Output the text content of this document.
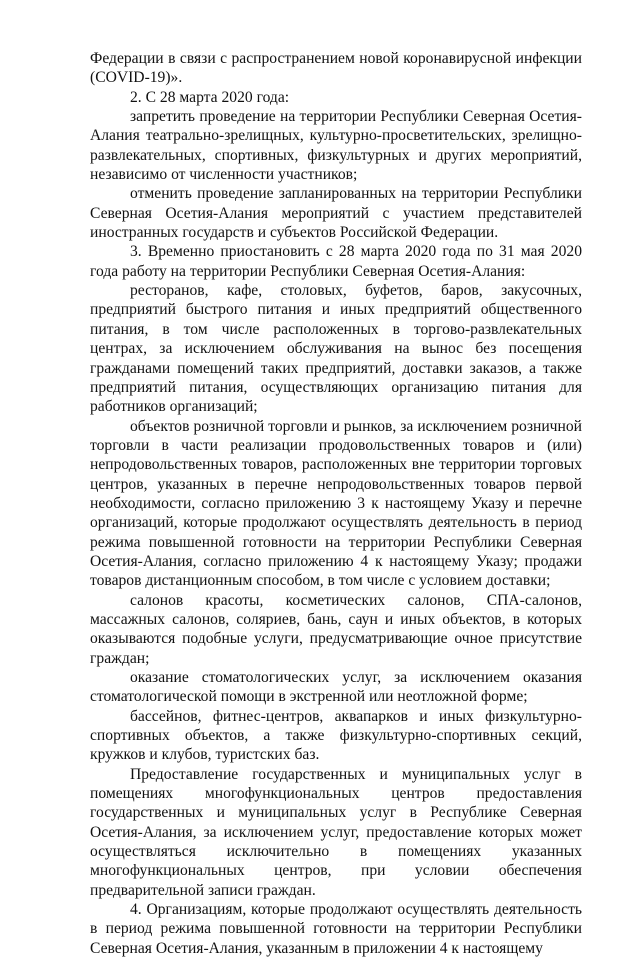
Федерации в связи с распространением новой коронавирусной инфекции (COVID-19)».

2. С 28 марта 2020 года:

запретить проведение на территории Республики Северная Осетия-Алания театрально-зрелищных, культурно-просветительских, зрелищно-развлекательных, спортивных, физкультурных и других мероприятий, независимо от численности участников;

отменить проведение запланированных на территории Республики Северная Осетия-Алания мероприятий с участием представителей иностранных государств и субъектов Российской Федерации.

3. Временно приостановить с 28 марта 2020 года по 31 мая 2020 года работу на территории Республики Северная Осетия-Алания:

ресторанов, кафе, столовых, буфетов, баров, закусочных, предприятий быстрого питания и иных предприятий общественного питания, в том числе расположенных в торгово-развлекательных центрах, за исключением обслуживания на вынос без посещения гражданами помещений таких предприятий, доставки заказов, а также предприятий питания, осуществляющих организацию питания для работников организаций;

объектов розничной торговли и рынков, за исключением розничной торговли в части реализации продовольственных товаров и (или) непродовольственных товаров, расположенных вне территории торговых центров, указанных в перечне непродовольственных товаров первой необходимости, согласно приложению 3 к настоящему Указу и перечне организаций, которые продолжают осуществлять деятельность в период режима повышенной готовности на территории Республики Северная Осетия-Алания, согласно приложению 4 к настоящему Указу; продажи товаров дистанционным способом, в том числе с условием доставки;

салонов красоты, косметических салонов, СПА-салонов, массажных салонов, соляриев, бань, саун и иных объектов, в которых оказываются подобные услуги, предусматривающие очное присутствие граждан;

оказание стоматологических услуг, за исключением оказания стоматологической помощи в экстренной или неотложной форме;

бассейнов, фитнес-центров, аквапарков и иных физкультурно-спортивных объектов, а также физкультурно-спортивных секций, кружков и клубов, туристских баз.

Предоставление государственных и муниципальных услуг в помещениях многофункциональных центров предоставления государственных и муниципальных услуг в Республике Северная Осетия-Алания, за исключением услуг, предоставление которых может осуществляться исключительно в помещениях указанных многофункциональных центров, при условии обеспечения предварительной записи граждан.

4. Организациям, которые продолжают осуществлять деятельность в период режима повышенной готовности на территории Республики Северная Осетия-Алания, указанным в приложении 4 к настоящему
